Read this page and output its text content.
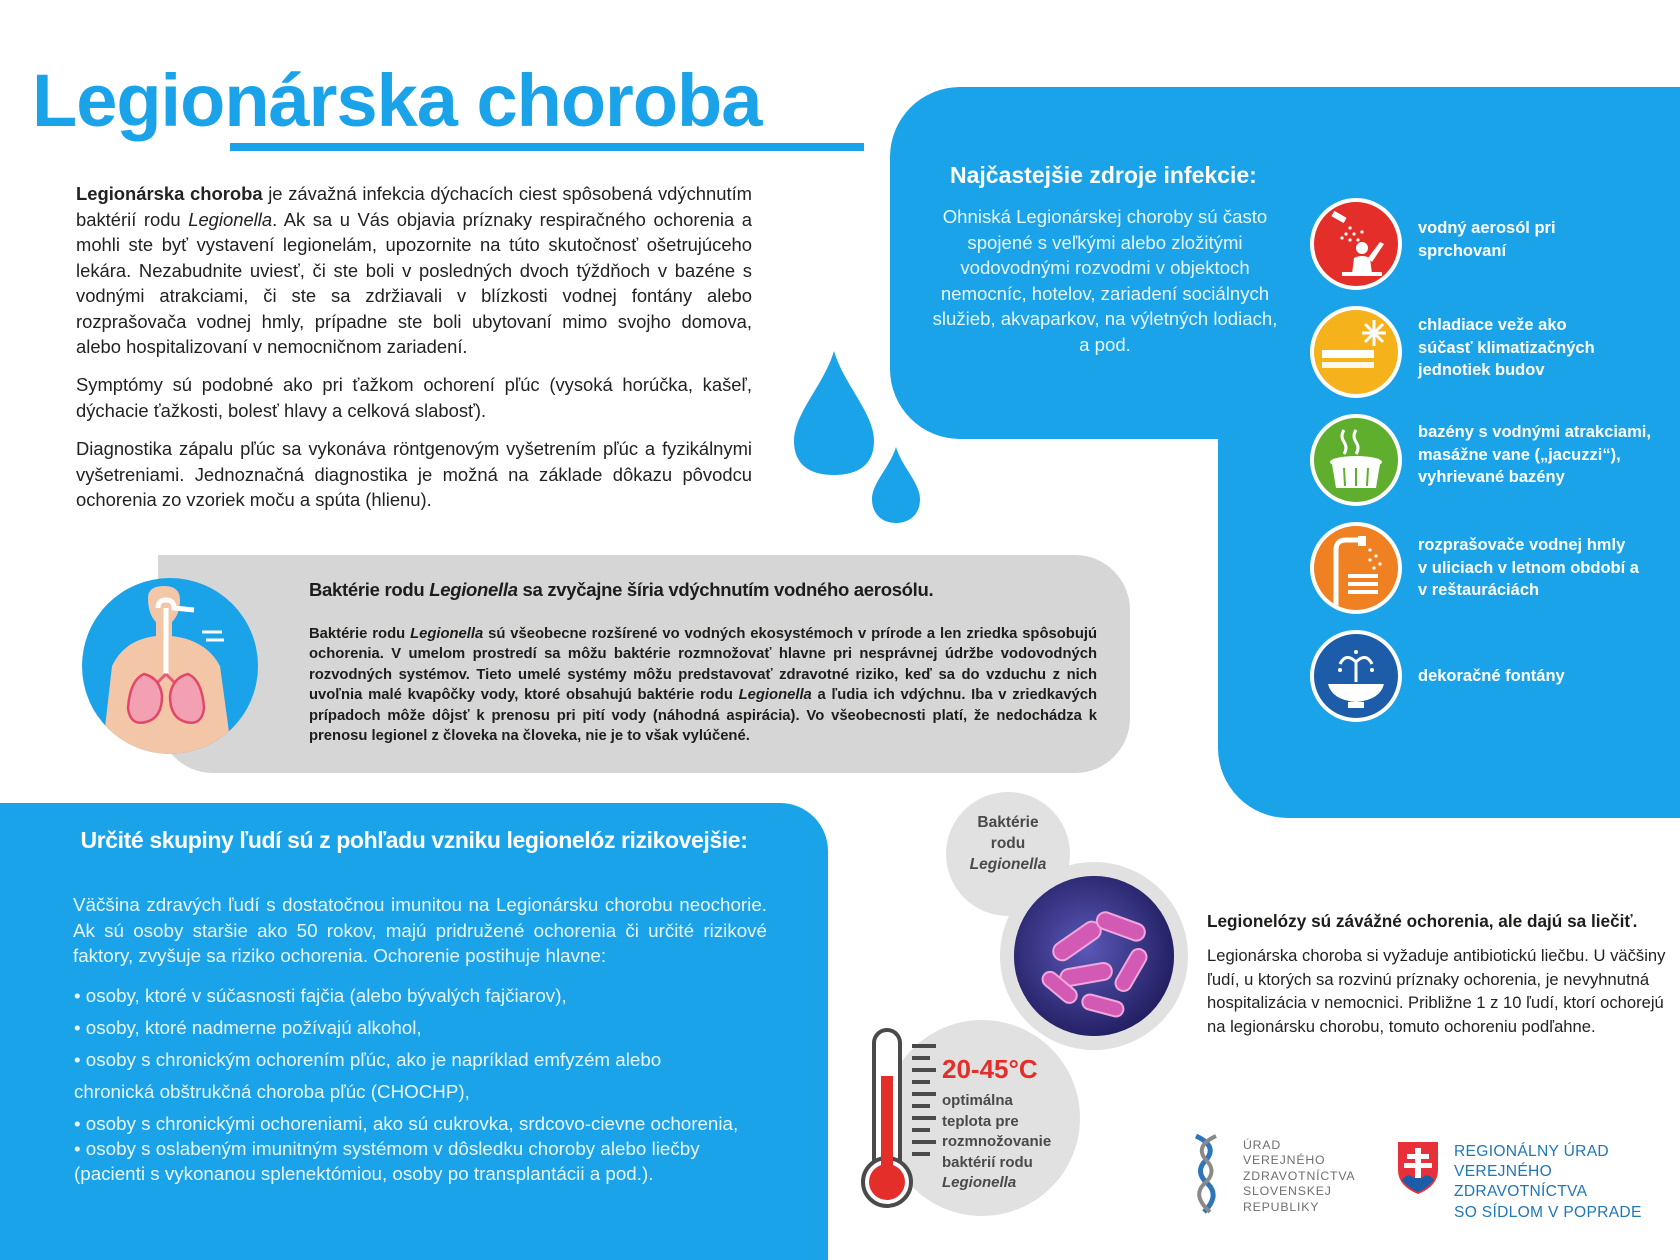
Legionárska choroba
Legionárska choroba je závažná infekcia dýchacích ciest spôsobená vdýchnutím baktérií rodu Legionella. Ak sa u Vás objavia príznaky respiračného ochorenia a mohli ste byť vystavení legionelám, upozornite na túto skutočnosť ošetrujúceho lekára. Nezabudnite uviesť, či ste boli v posledných dvoch týždňoch v bazéne s vodnými atrakciami, či ste sa zdržiavali v blízkosti vodnej fontány alebo rozprašovača vodnej hmly, prípadne ste boli ubytovaní mimo svojho domova, alebo hospitalizovaní v nemocničnom zariadení.
Symptómy sú podobné ako pri ťažkom ochorení pľúc (vysoká horúčka, kašeľ, dýchacie ťažkosti, bolesť hlavy a celková slabosť).
Diagnostika zápalu pľúc sa vykonáva röntgenovým vyšetrením pľúc a fyzikálnymi vyšetreniami. Jednoznačná diagnostika je možná na základe dôkazu pôvodcu ochorenia zo vzoriek moču a spúta (hlienu).
Najčastejšie zdroje infekcie:
Ohniská Legionárskej choroby sú často spojené s veľkými alebo zložitými vodovodnými rozvodmi v objektoch nemocníc, hotelov, zariadení sociálnych služieb, akvaparkov, na výletných lodiach, a pod.
vodný aerosól pri
sprchovaní
chladiace veže ako
súčasť klimatizačných
jednotiek budov
bazény s vodnými atrakciami,
masážne vane („jacuzzi“),
vyhrievané bazény
rozprašovače vodnej hmly
v uliciach v letnom období a
v reštauráciách
dekoračné fontány
Baktérie rodu Legionella sa zvyčajne šíria vdýchnutím vodného aerosólu.
Baktérie rodu Legionella sú všeobecne rozšírené vo vodných ekosystémoch v prírode a len zriedka spôsobujú ochorenia. V umelom prostredí sa môžu baktérie rozmnožovať hlavne pri nesprávnej údržbe vodovodných rozvodných systémov. Tieto umelé systémy môžu predstavovať zdravotné riziko, keď sa do vzduchu z nich uvoľnia malé kvapôčky vody, ktoré obsahujú baktérie rodu Legionella a ľudia ich vdýchnu. Iba v zriedkavých prípadoch môže dôjsť k prenosu pri pití vody (náhodná aspirácia). Vo všeobecnosti platí, že nedochádza k prenosu legionel z človeka na človeka, nie je to však vylúčené.
Určité skupiny ľudí sú z pohľadu vzniku legionelóz rizikovejšie:
Väčšina zdravých ľudí s dostatočnou imunitou na Legionársku chorobu neochorie. Ak sú osoby staršie ako 50 rokov, majú pridružené ochorenia či určité rizikové faktory, zvyšuje sa riziko ochorenia. Ochorenie postihuje hlavne:
• osoby, ktoré v súčasnosti fajčia (alebo bývalých fajčiarov),
• osoby, ktoré nadmerne požívajú alkohol,
• osoby s chronickým ochorením pľúc, ako je napríklad emfyzém alebo
chronická obštrukčná choroba pľúc (CHOCHP),
• osoby s chronickými ochoreniami, ako sú cukrovka, srdcovo-cievne ochorenia,
• osoby s oslabeným imunitným systémom v dôsledku choroby alebo liečby
(pacienti s vykonanou splenektómiou, osoby po transplantácii a pod.).
Baktérie
rodu
Legionella
20-45°C
optimálna
teplota pre
rozmnožovanie
baktérií rodu
Legionella
Legionelózy sú závážné ochorenia, ale dajú sa liečiť.
Legionárska choroba si vyžaduje antibiotickú liečbu. U väčšiny
ľudí, u ktorých sa rozvinú príznaky ochorenia, je nevyhnutná
hospitalizácia v nemocnici. Približne 1 z 10 ľudí, ktorí ochorejú
na legionársku chorobu, tomuto ochoreniu podľahne.
ÚRAD
VEREJNÉHO
ZDRAVOTNÍCTVA
SLOVENSKEJ
REPUBLIKY
REGIONÁLNY ÚRAD
VEREJNÉHO ZDRAVOTNÍCTVA
SO SÍDLOM V POPRADE
